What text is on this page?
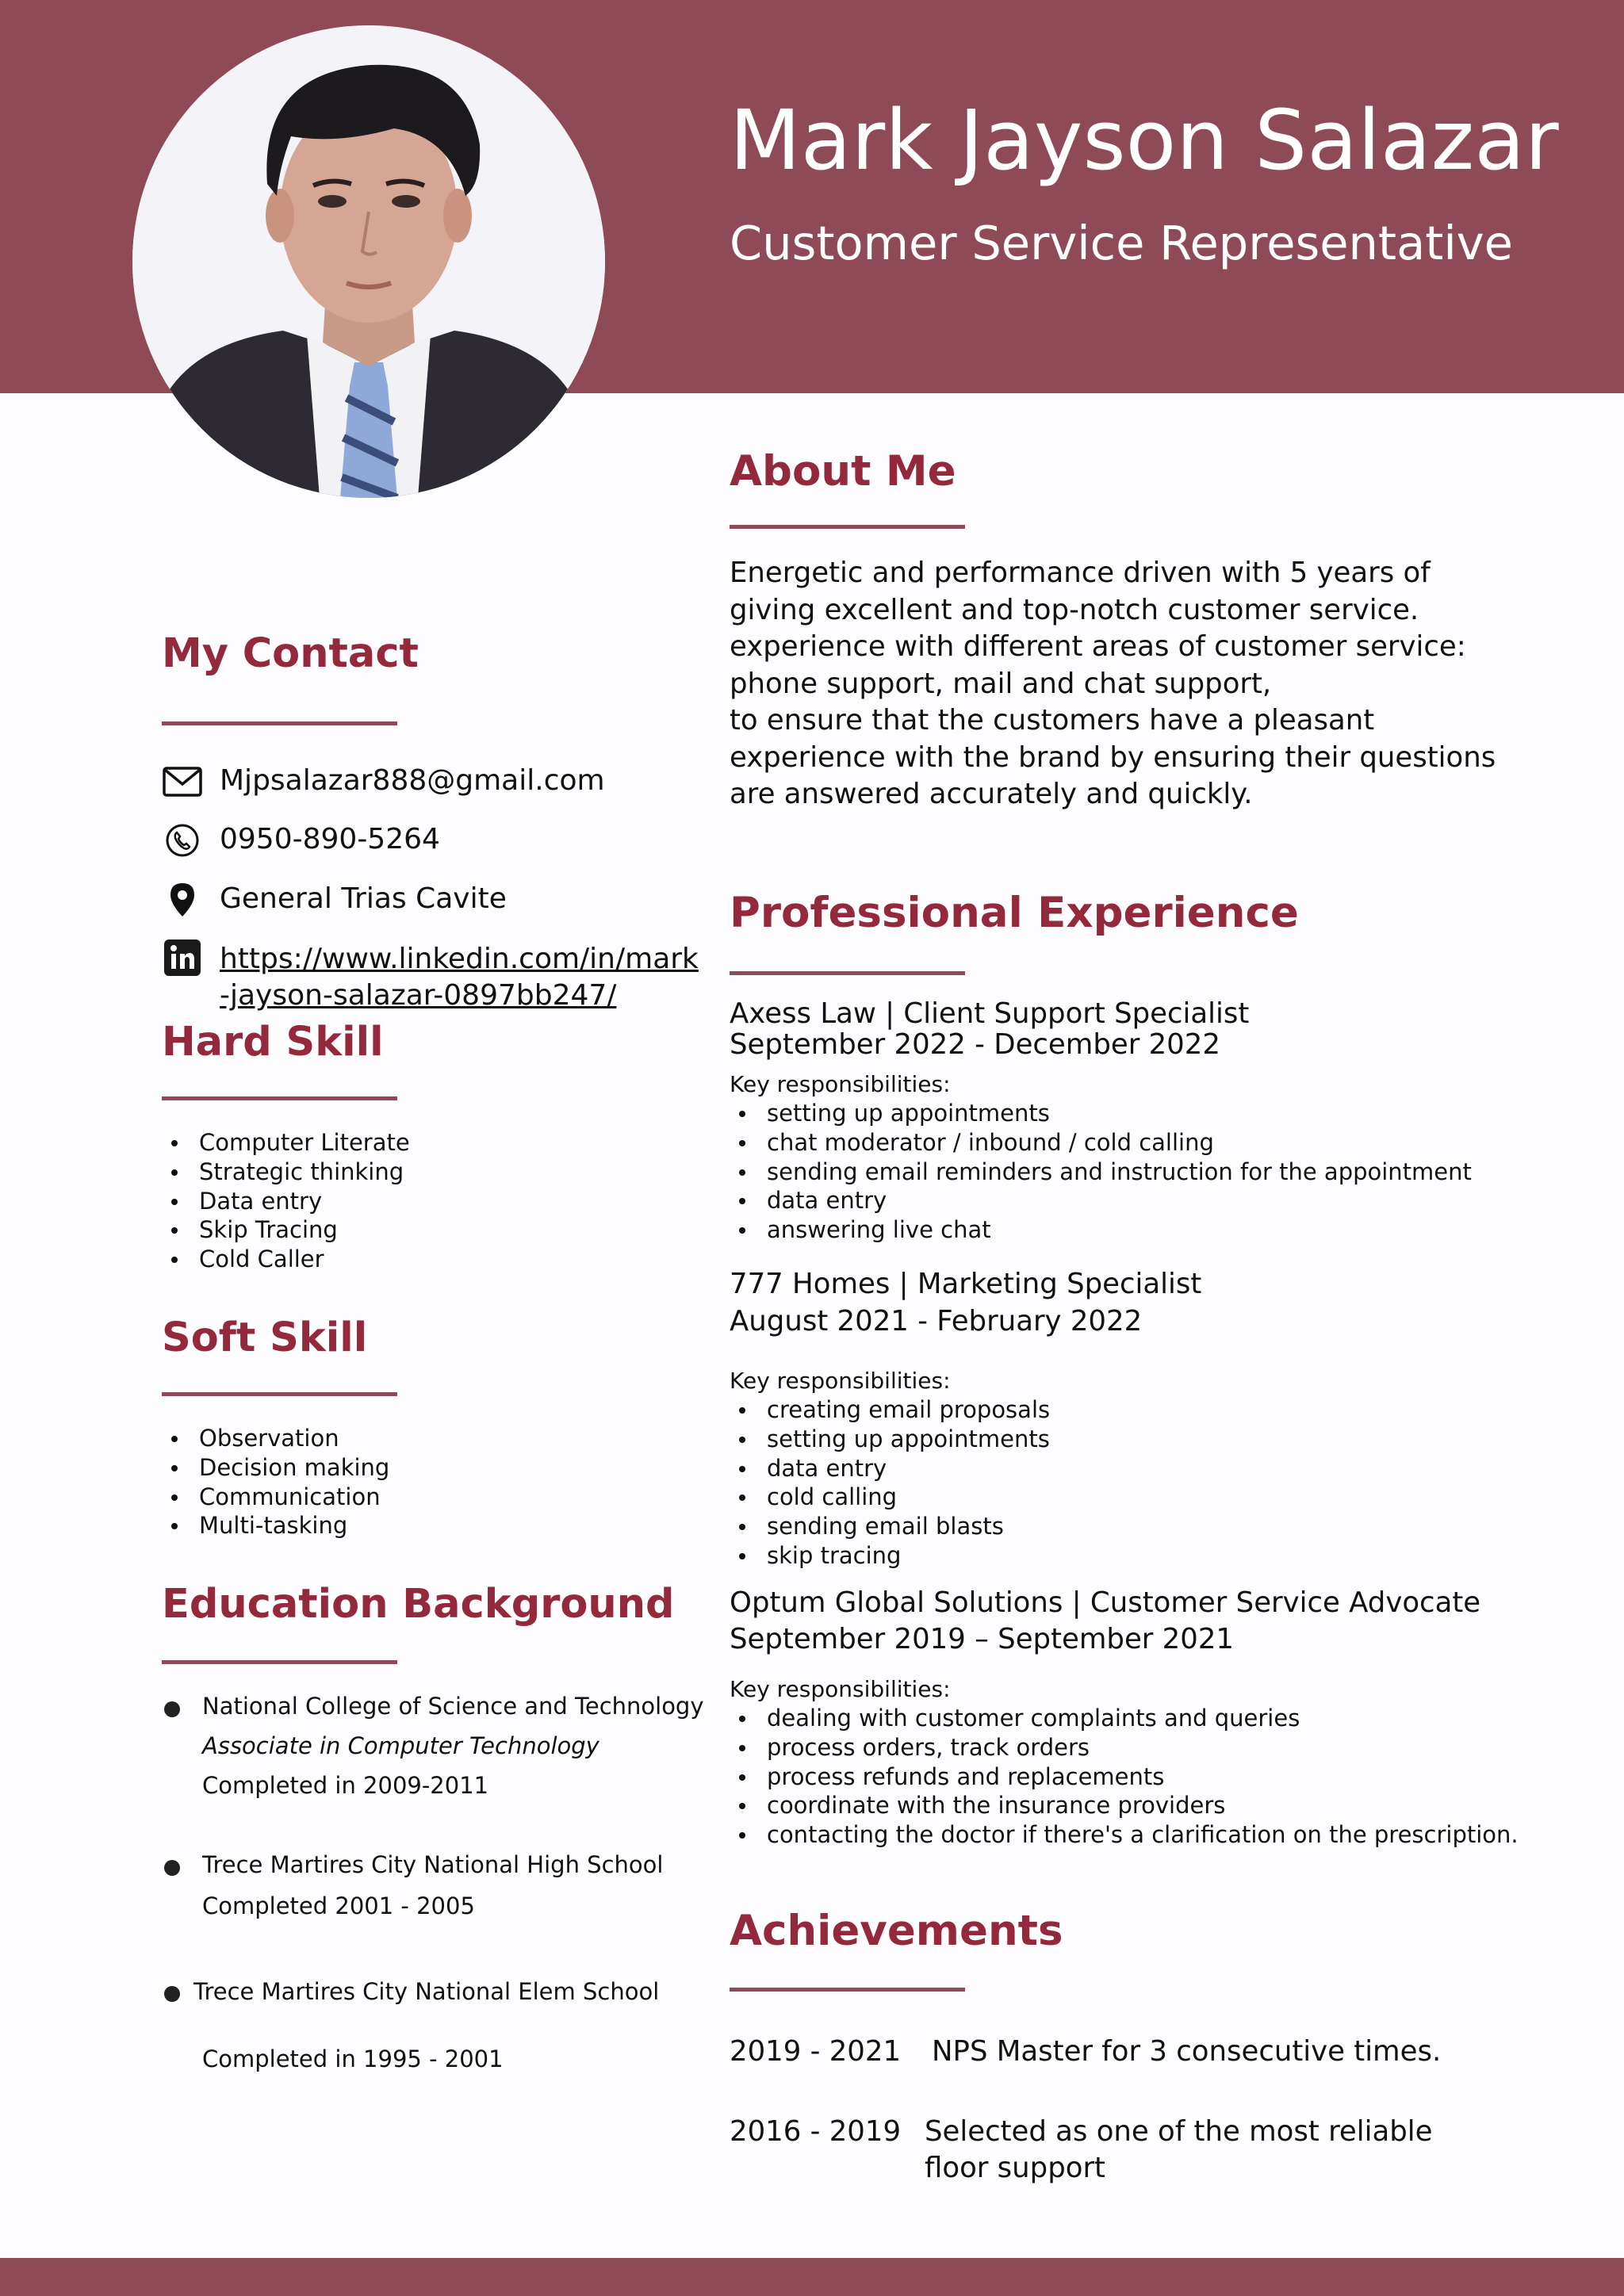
Mark Jayson Salazar
Customer Service Representative
My Contact
Mjpsalazar888@gmail.com
0950-890-5264
General Trias Cavite
https://www.linkedin.com/in/mark
-jayson-salazar-0897bb247/
Hard Skill
Computer Literate
Strategic thinking
Data entry
Skip Tracing
Cold Caller
Soft Skill
Observation
Decision making
Communication
Multi-tasking
Education Background
National College of Science and Technology
Associate in Computer Technology
Completed in 2009-2011
Trece Martires City National High School
Completed 2001 - 2005
Trece Martires City National Elem School
Completed in 1995 - 2001
About Me
Energetic and performance driven with 5 years of
giving excellent and top-notch customer service.
experience with different areas of customer service:
phone support, mail and chat support,
to ensure that the customers have a pleasant
experience with the brand by ensuring their questions
are answered accurately and quickly.
Professional Experience
Axess Law | Client Support Specialist
September 2022 - December 2022
Key responsibilities:
setting up appointments
chat moderator / inbound / cold calling
sending email reminders and instruction for the appointment
data entry
answering live chat
777 Homes | Marketing Specialist
August 2021 - February 2022
Key responsibilities:
creating email proposals
setting up appointments
data entry
cold calling
sending email blasts
skip tracing
Optum Global Solutions | Customer Service Advocate
September 2019 – September 2021
Key responsibilities:
dealing with customer complaints and queries
process orders, track orders
process refunds and replacements
coordinate with the insurance providers
contacting the doctor if there's a clarification on the prescription.
Achievements
2019 - 2021 NPS Master for 3 consecutive times.
2016 - 2019 Selected as one of the most reliable
floor support
